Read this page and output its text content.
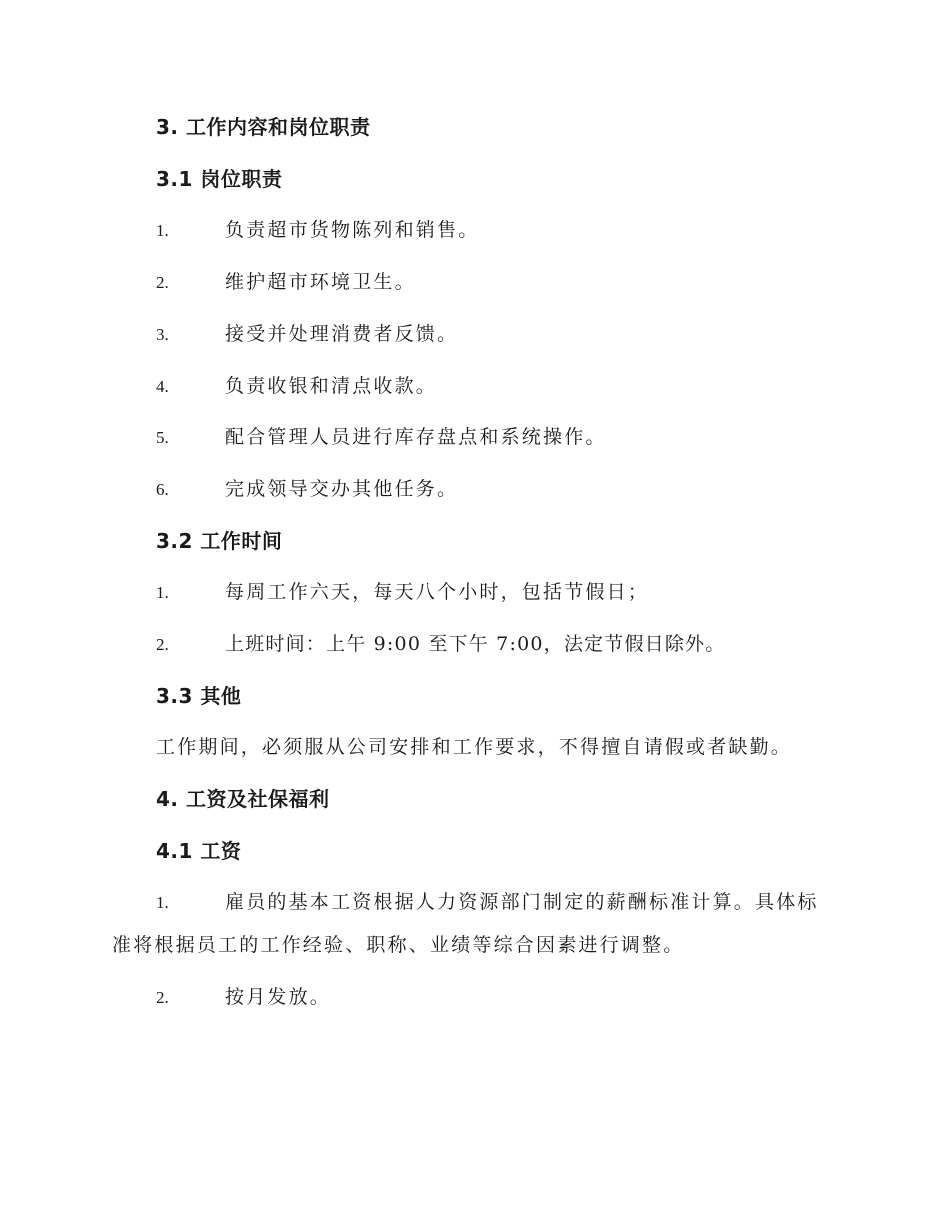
3. 工作内容和岗位职责
3.1 岗位职责
1.	负责超市货物陈列和销售。
2.	维护超市环境卫生。
3.	接受并处理消费者反馈。
4.	负责收银和清点收款。
5.	配合管理人员进行库存盘点和系统操作。
6.	完成领导交办其他任务。
3.2 工作时间
1.	每周工作六天，每天八个小时，包括节假日；
2.	上班时间：上午 9:00 至下午 7:00，法定节假日除外。
3.3 其他
工作期间，必须服从公司安排和工作要求，不得擅自请假或者缺勤。
4. 工资及社保福利
4.1 工资
1.	雇员的基本工资根据人力资源部门制定的薪酬标准计算。具体标
准将根据员工的工作经验、职称、业绩等综合因素进行调整。
2.	按月发放。
